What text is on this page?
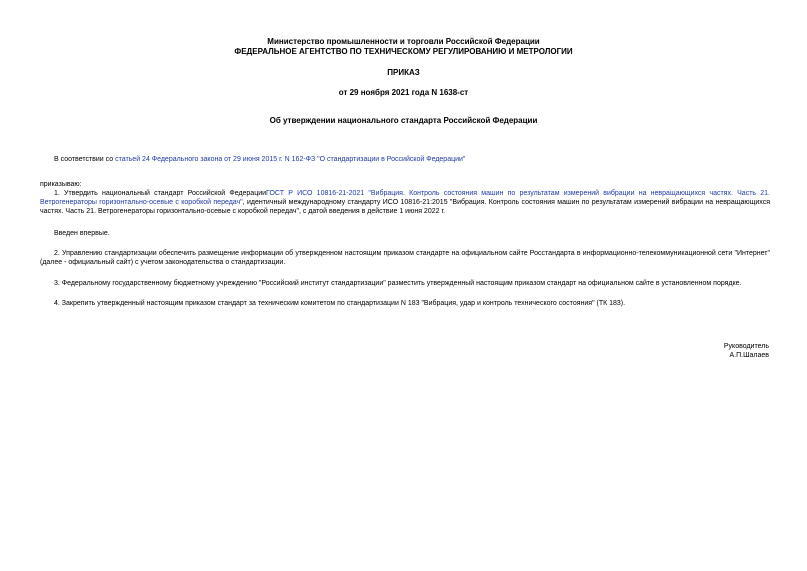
Министерство промышленности и торговли Российской Федерации
ФЕДЕРАЛЬНОЕ АГЕНТСТВО ПО ТЕХНИЧЕСКОМУ РЕГУЛИРОВАНИЮ И МЕТРОЛОГИИ
ПРИКАЗ
от 29 ноября 2021 года N 1638-ст
Об утверждении национального стандарта Российской Федерации
В соответствии со статьей 24 Федерального закона от 29 июня 2015 г. N 162-ФЗ "О стандартизации в Российской Федерации"
приказываю:
1. Утвердить национальный стандарт Российской ФедерацииГОСТ Р ИСО 10816-21-2021 "Вибрация. Контроль состояния машин по результатам измерений вибрации на невращающихся частях. Часть 21. Ветрогенераторы горизонтально-осевые с коробкой передач", идентичный международному стандарту ИСО 10816-21:2015 "Вибрация. Контроль состояния машин по результатам измерений вибрации на невращающихся частях. Часть 21. Ветрогенераторы горизонтально-осевые с коробкой передач", с датой введения в действие 1 июня 2022 г.
Введен впервые.
2. Управлению стандартизации обеспечить размещение информации об утвержденном настоящим приказом стандарте на официальном сайте Росстандарта в информационно-телекоммуникационной сети "Интернет" (далее - официальный сайт) с учетом законодательства о стандартизации.
3. Федеральному государственному бюджетному учреждению "Российский институт стандартизации" разместить утвержденный настоящим приказом стандарт на официальном сайте в установленном порядке.
4. Закрепить утвержденный настоящим приказом стандарт за техническим комитетом по стандартизации N 183 "Вибрация, удар и контроль технического состояния" (ТК 183).
Руководитель
А.П.Шалаев
